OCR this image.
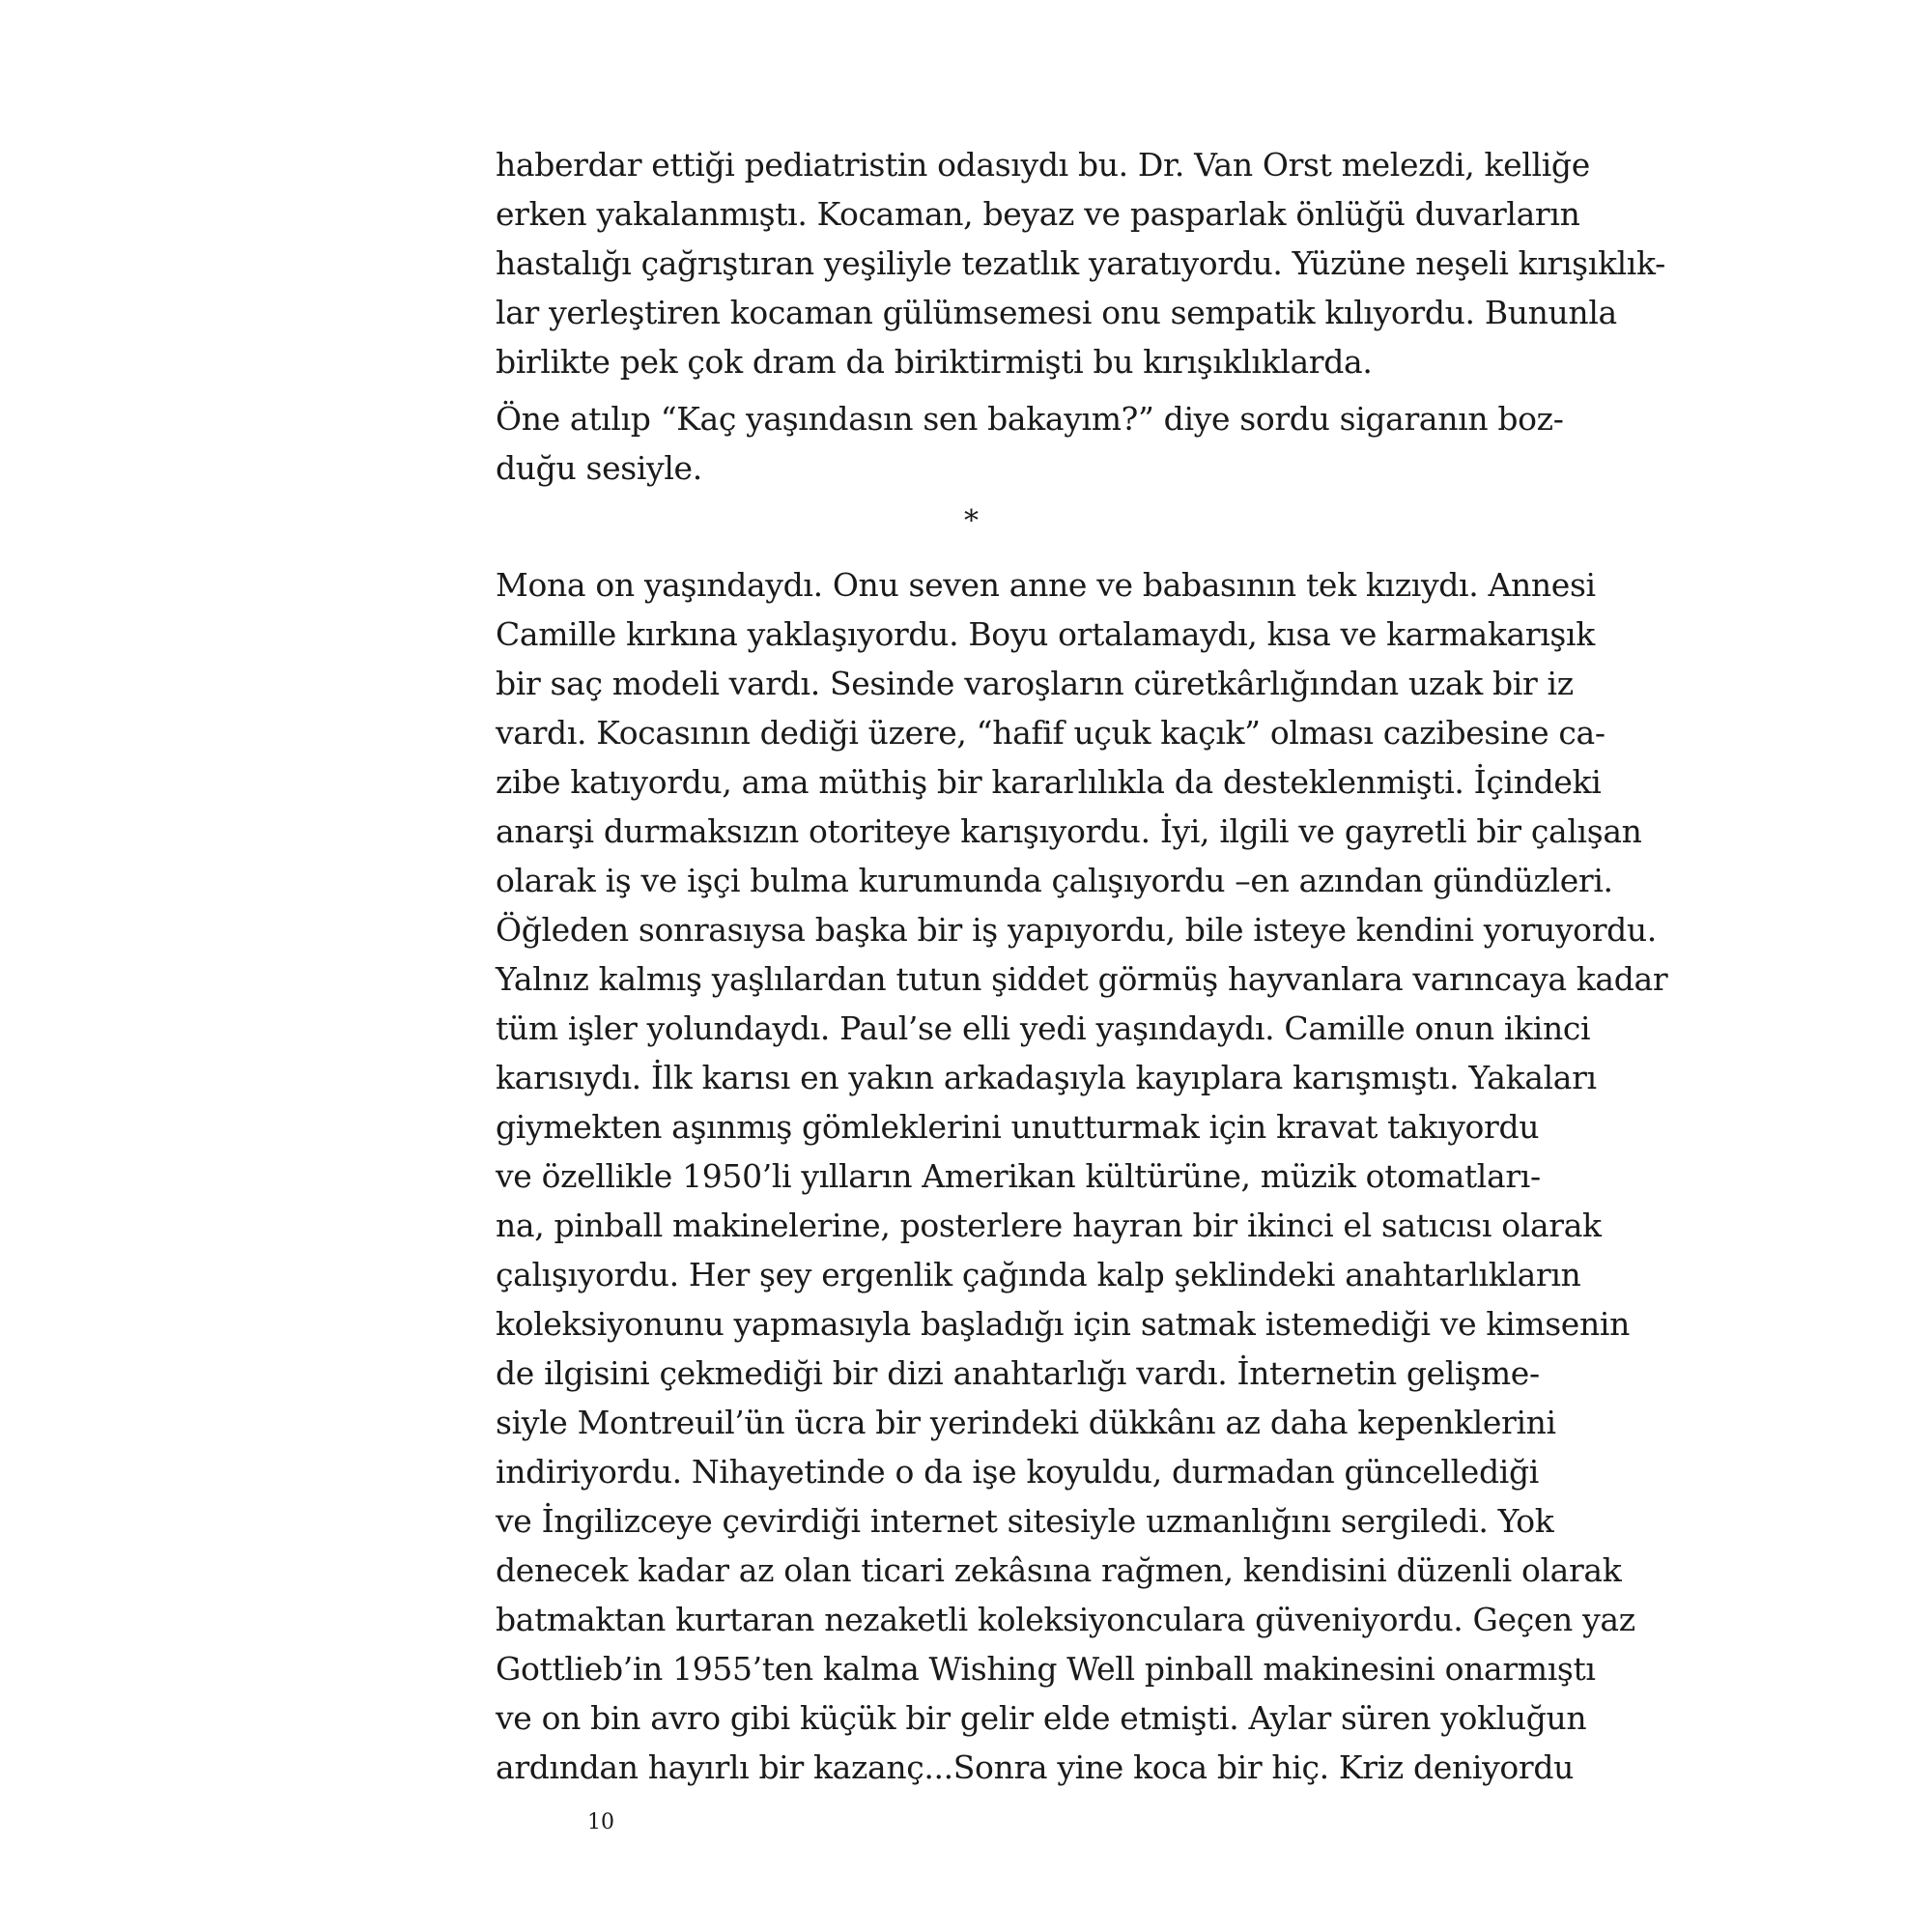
haberdar ettiği pediatristin odasıydı bu. Dr. Van Orst melezdi, kelliğe
erken yakalanmıştı. Kocaman, beyaz ve pasparlak önlüğü duvarların
hastalığı çağrıştıran yeşiliyle tezatlık yaratıyordu. Yüzüne neşeli kırışıklık-
lar yerleştiren kocaman gülümsemesi onu sempatik kılıyordu. Bununla
birlikte pek çok dram da biriktirmişti bu kırışıklıklarda.
Öne atılıp “Kaç yaşındasın sen bakayım?” diye sordu sigaranın boz-
duğu sesiyle.
*
Mona on yaşındaydı. Onu seven anne ve babasının tek kızıydı. Annesi
Camille kırkına yaklaşıyordu. Boyu ortalamaydı, kısa ve karmakarışık
bir saç modeli vardı. Sesinde varoşların cüretkârlığından uzak bir iz
vardı. Kocasının dediği üzere, “hafif uçuk kaçık” olması cazibesine ca-
zibe katıyordu, ama müthiş bir kararlılıkla da desteklenmişti. İçindeki
anarşi durmaksızın otoriteye karışıyordu. İyi, ilgili ve gayretli bir çalışan
olarak iş ve işçi bulma kurumunda çalışıyordu –en azından gündüzleri.
Öğleden sonrasıysa başka bir iş yapıyordu, bile isteye kendini yoruyordu.
Yalnız kalmış yaşlılardan tutun şiddet görmüş hayvanlara varıncaya kadar
tüm işler yolundaydı. Paul’se elli yedi yaşındaydı. Camille onun ikinci
karısıydı. İlk karısı en yakın arkadaşıyla kayıplara karışmıştı. Yakaları
giymekten aşınmış gömleklerini unutturmak için kravat takıyordu
ve özellikle 1950’li yılların Amerikan kültürüne, müzik otomatları-
na, pinball makinelerine, posterlere hayran bir ikinci el satıcısı olarak
çalışıyordu. Her şey ergenlik çağında kalp şeklindeki anahtarlıkların
koleksiyonunu yapmasıyla başladığı için satmak istemediği ve kimsenin
de ilgisini çekmediği bir dizi anahtarlığı vardı. İnternetin gelişme-
siyle Montreuil’ün ücra bir yerindeki dükkânı az daha kepenklerini
indiriyordu. Nihayetinde o da işe koyuldu, durmadan güncellediği
ve İngilizceye çevirdiği internet sitesiyle uzmanlığını sergiledi. Yok
denecek kadar az olan ticari zekâsına rağmen, kendisini düzenli olarak
batmaktan kurtaran nezaketli koleksiyonculara güveniyordu. Geçen yaz
Gottlieb’in 1955’ten kalma Wishing Well pinball makinesini onarmıştı
ve on bin avro gibi küçük bir gelir elde etmişti. Aylar süren yokluğun
ardından hayırlı bir kazanç...Sonra yine koca bir hiç. Kriz deniyordu
10
